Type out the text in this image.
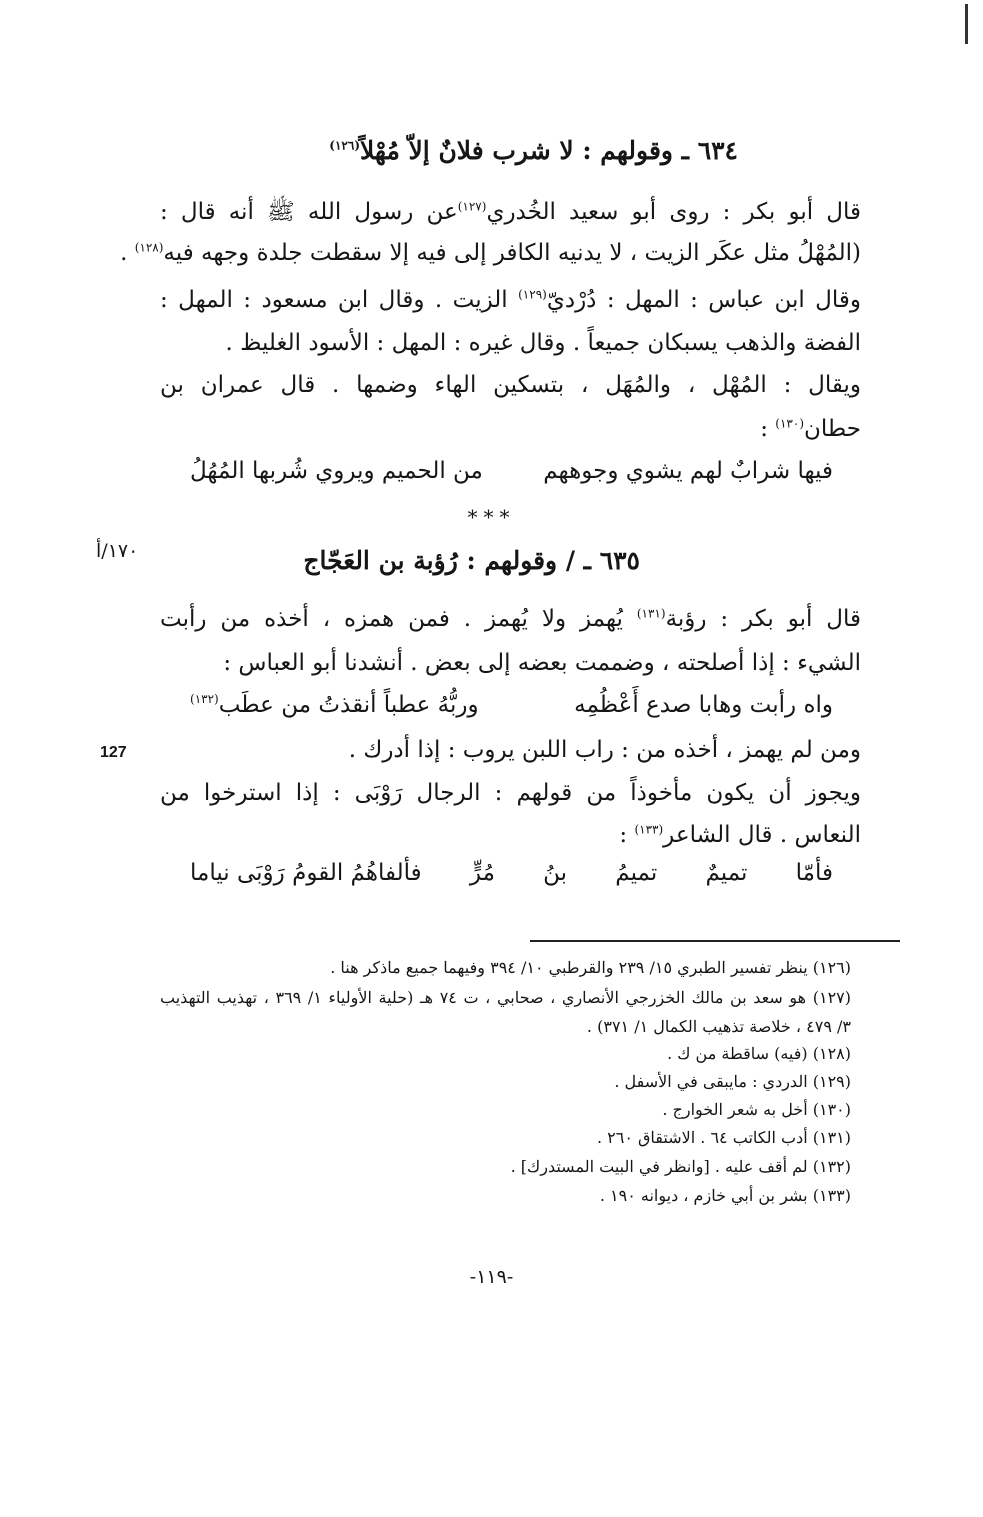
٦٣٤ ـ وقولهم : لا شرب فلانٌ إلاّ مُهْلاً$^{(١٢٦)}$
قال أبو بكر : روى أبو سعيد الخُدري$^{(١٢٧)}$عن رسول الله ﷺ أنه قال :
(المُهْلُ مثل عكَر الزيت ، لا يدنيه الكافر إلى فيه إلا سقطت جلدة وجهه فيه$^{(١٢٨)}$ .
وقال ابن عباس : المهل : دُرْديّ$^{(١٢٩)}$ الزيت . وقال ابن مسعود : المهل :
الفضة والذهب يسبكان جميعاً . وقال غيره : المهل : الأسود الغليظ .
ويقال : المُهْل ، والمُهَل ، بتسكين الهاء وضمها . قال عمران بن
حطان$^{(١٣٠)}$ :
فيها شرابٌ لهم يشوي وجوههم
من الحميم ويروي شُربها المُهُلُ
***
١٧٠/أ
127
٦٣٥ ـ / وقولهم : رُؤبة بن العَجّاج
قال أبو بكر : رؤبة$^{(١٣١)}$ يُهمز ولا يُهمز . فمن همزه ، أخذه من رأبت
الشيء : إذا أصلحته ، وضممت بعضه إلى بعض . أنشدنا أبو العباس :
واه رأبت وهابا صدع أَعْظُمِه
وربُّهُ عطباً أنقذتُ من عطَب(١٣٢)
ومن لم يهمز ، أخذه من : راب اللبن يروب : إذا أدرك .
ويجوز أن يكون مأخوذاً من قولهم : الرجال رَوْبَى : إذا استرخوا من
النعاس . قال الشاعر$^{(١٣٣)}$ :
فأمّا
تميمٌ
تميمُ
بنُ
مُرٍّ
فألفاهُمُ القومُ رَوْبَى نياما
(١٢٦) ينظر تفسير الطبري ١٥/ ٢٣٩ والقرطبي ١٠/ ٣٩٤ وفيهما جميع ماذكر هنا .
(١٢٧) هو سعد بن مالك الخزرجي الأنصاري ، صحابي ، ت ٧٤ هـ (حلية الأولياء ١/ ٣٦٩ ، تهذيب التهذيب
٣/ ٤٧٩ ، خلاصة تذهيب الكمال ١/ ٣٧١) .
(١٢٨) (فيه) ساقطة من ك .
(١٢٩) الدردي : مايبقى في الأسفل .
(١٣٠) أخل به شعر الخوارج .
(١٣١) أدب الكاتب ٦٤ . الاشتقاق ٢٦٠ .
(١٣٢) لم أقف عليه . [وانظر في البيت المستدرك] .
(١٣٣) بشر بن أبي خازم ، ديوانه ١٩٠ .
-١١٩-
